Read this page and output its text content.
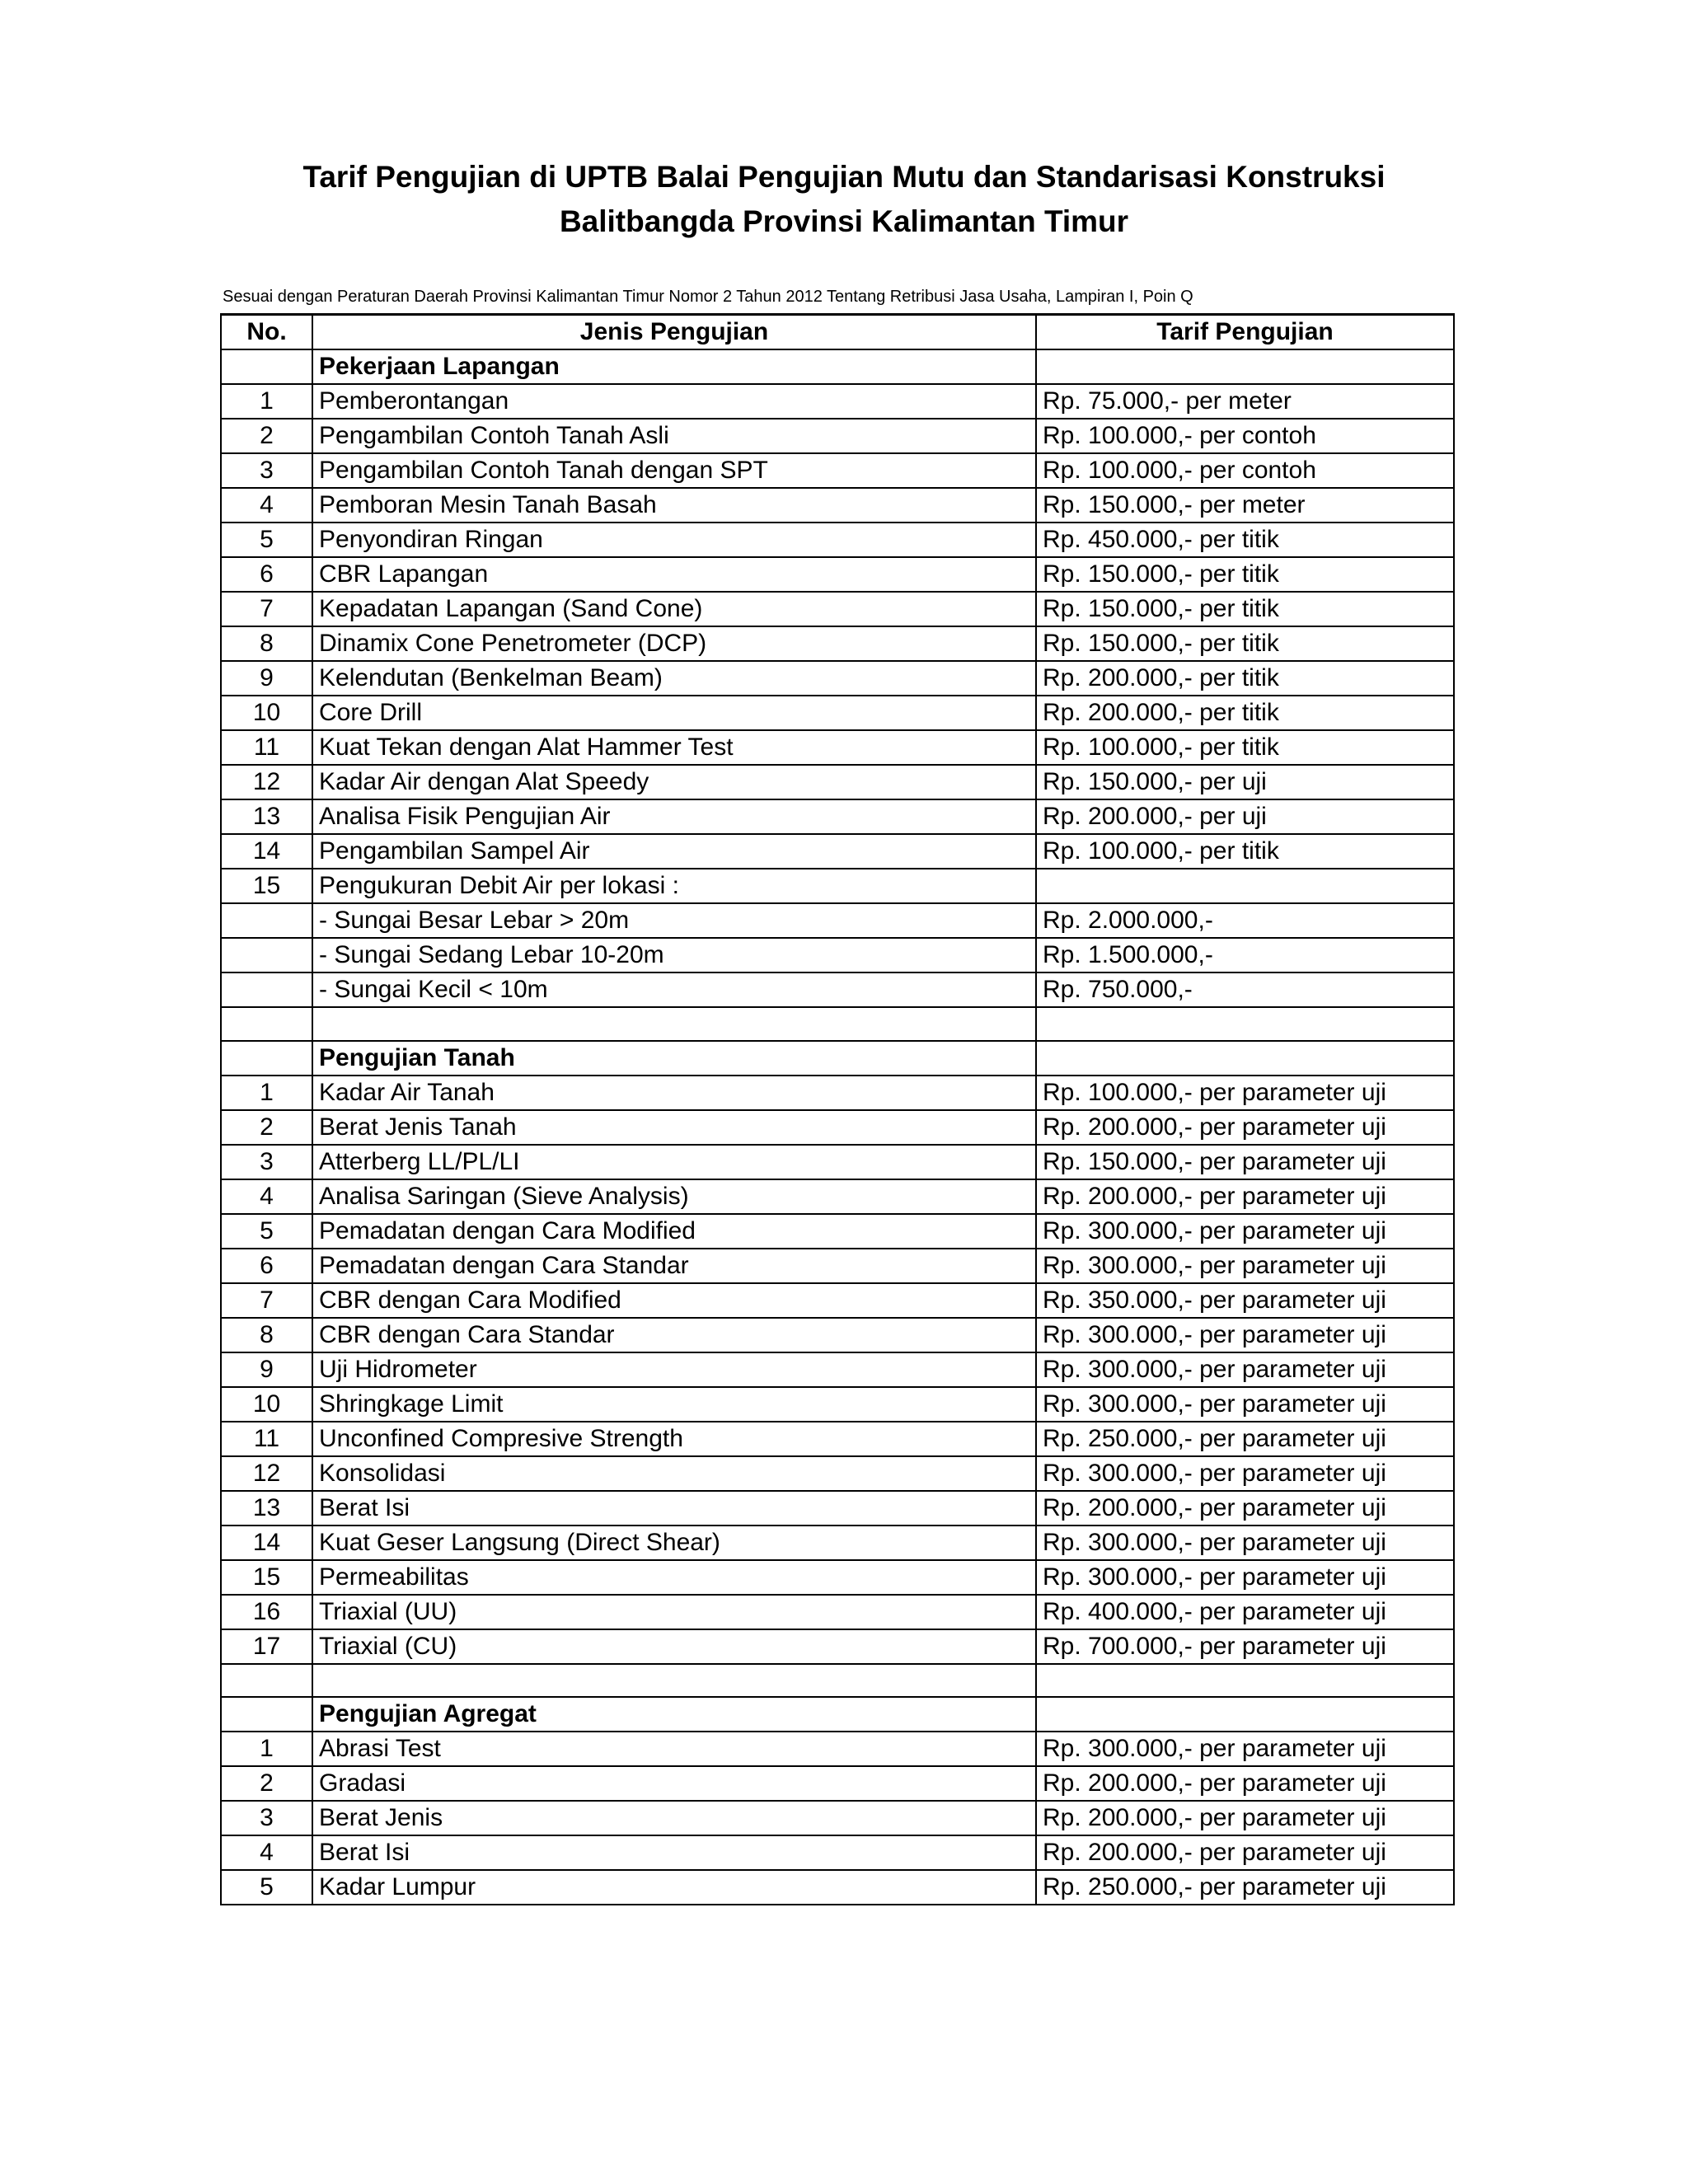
Tarif Pengujian di UPTB Balai Pengujian Mutu dan Standarisasi Konstruksi
Balitbangda Provinsi Kalimantan Timur
Sesuai dengan Peraturan Daerah Provinsi Kalimantan Timur Nomor 2 Tahun 2012 Tentang Retribusi Jasa Usaha, Lampiran I, Poin Q
No.	Jenis Pengujian	Tarif Pengujian
	Pekerjaan Lapangan	
1	Pemberontangan	Rp. 75.000,- per meter
2	Pengambilan Contoh Tanah Asli	Rp. 100.000,- per contoh
3	Pengambilan Contoh Tanah dengan SPT	Rp. 100.000,- per contoh
4	Pemboran Mesin Tanah Basah	Rp. 150.000,- per meter
5	Penyondiran Ringan	Rp. 450.000,- per titik
6	CBR Lapangan	Rp. 150.000,- per titik
7	Kepadatan Lapangan (Sand Cone)	Rp. 150.000,- per titik
8	Dinamix Cone Penetrometer (DCP)	Rp. 150.000,- per titik
9	Kelendutan (Benkelman Beam)	Rp. 200.000,- per titik
10	Core Drill	Rp. 200.000,- per titik
11	Kuat Tekan dengan Alat Hammer Test	Rp. 100.000,- per titik
12	Kadar Air dengan Alat Speedy	Rp. 150.000,- per uji
13	Analisa Fisik Pengujian Air	Rp. 200.000,- per uji
14	Pengambilan Sampel Air	Rp. 100.000,- per titik
15	Pengukuran Debit Air per lokasi :	
	- Sungai Besar Lebar > 20m	Rp. 2.000.000,-
	- Sungai Sedang Lebar 10-20m	Rp. 1.500.000,-
	- Sungai Kecil < 10m	Rp. 750.000,-

	Pengujian Tanah	
1	Kadar Air Tanah	Rp. 100.000,- per parameter uji
2	Berat Jenis Tanah	Rp. 200.000,- per parameter uji
3	Atterberg LL/PL/LI	Rp. 150.000,- per parameter uji
4	Analisa Saringan (Sieve Analysis)	Rp. 200.000,- per parameter uji
5	Pemadatan dengan Cara Modified	Rp. 300.000,- per parameter uji
6	Pemadatan dengan Cara Standar	Rp. 300.000,- per parameter uji
7	CBR dengan Cara Modified	Rp. 350.000,- per parameter uji
8	CBR dengan Cara Standar	Rp. 300.000,- per parameter uji
9	Uji Hidrometer	Rp. 300.000,- per parameter uji
10	Shringkage Limit	Rp. 300.000,- per parameter uji
11	Unconfined Compresive Strength	Rp. 250.000,- per parameter uji
12	Konsolidasi	Rp. 300.000,- per parameter uji
13	Berat Isi	Rp. 200.000,- per parameter uji
14	Kuat Geser Langsung (Direct Shear)	Rp. 300.000,- per parameter uji
15	Permeabilitas	Rp. 300.000,- per parameter uji
16	Triaxial (UU)	Rp. 400.000,- per parameter uji
17	Triaxial (CU)	Rp. 700.000,- per parameter uji

	Pengujian Agregat	
1	Abrasi Test	Rp. 300.000,- per parameter uji
2	Gradasi	Rp. 200.000,- per parameter uji
3	Berat Jenis	Rp. 200.000,- per parameter uji
4	Berat Isi	Rp. 200.000,- per parameter uji
5	Kadar Lumpur	Rp. 250.000,- per parameter uji
